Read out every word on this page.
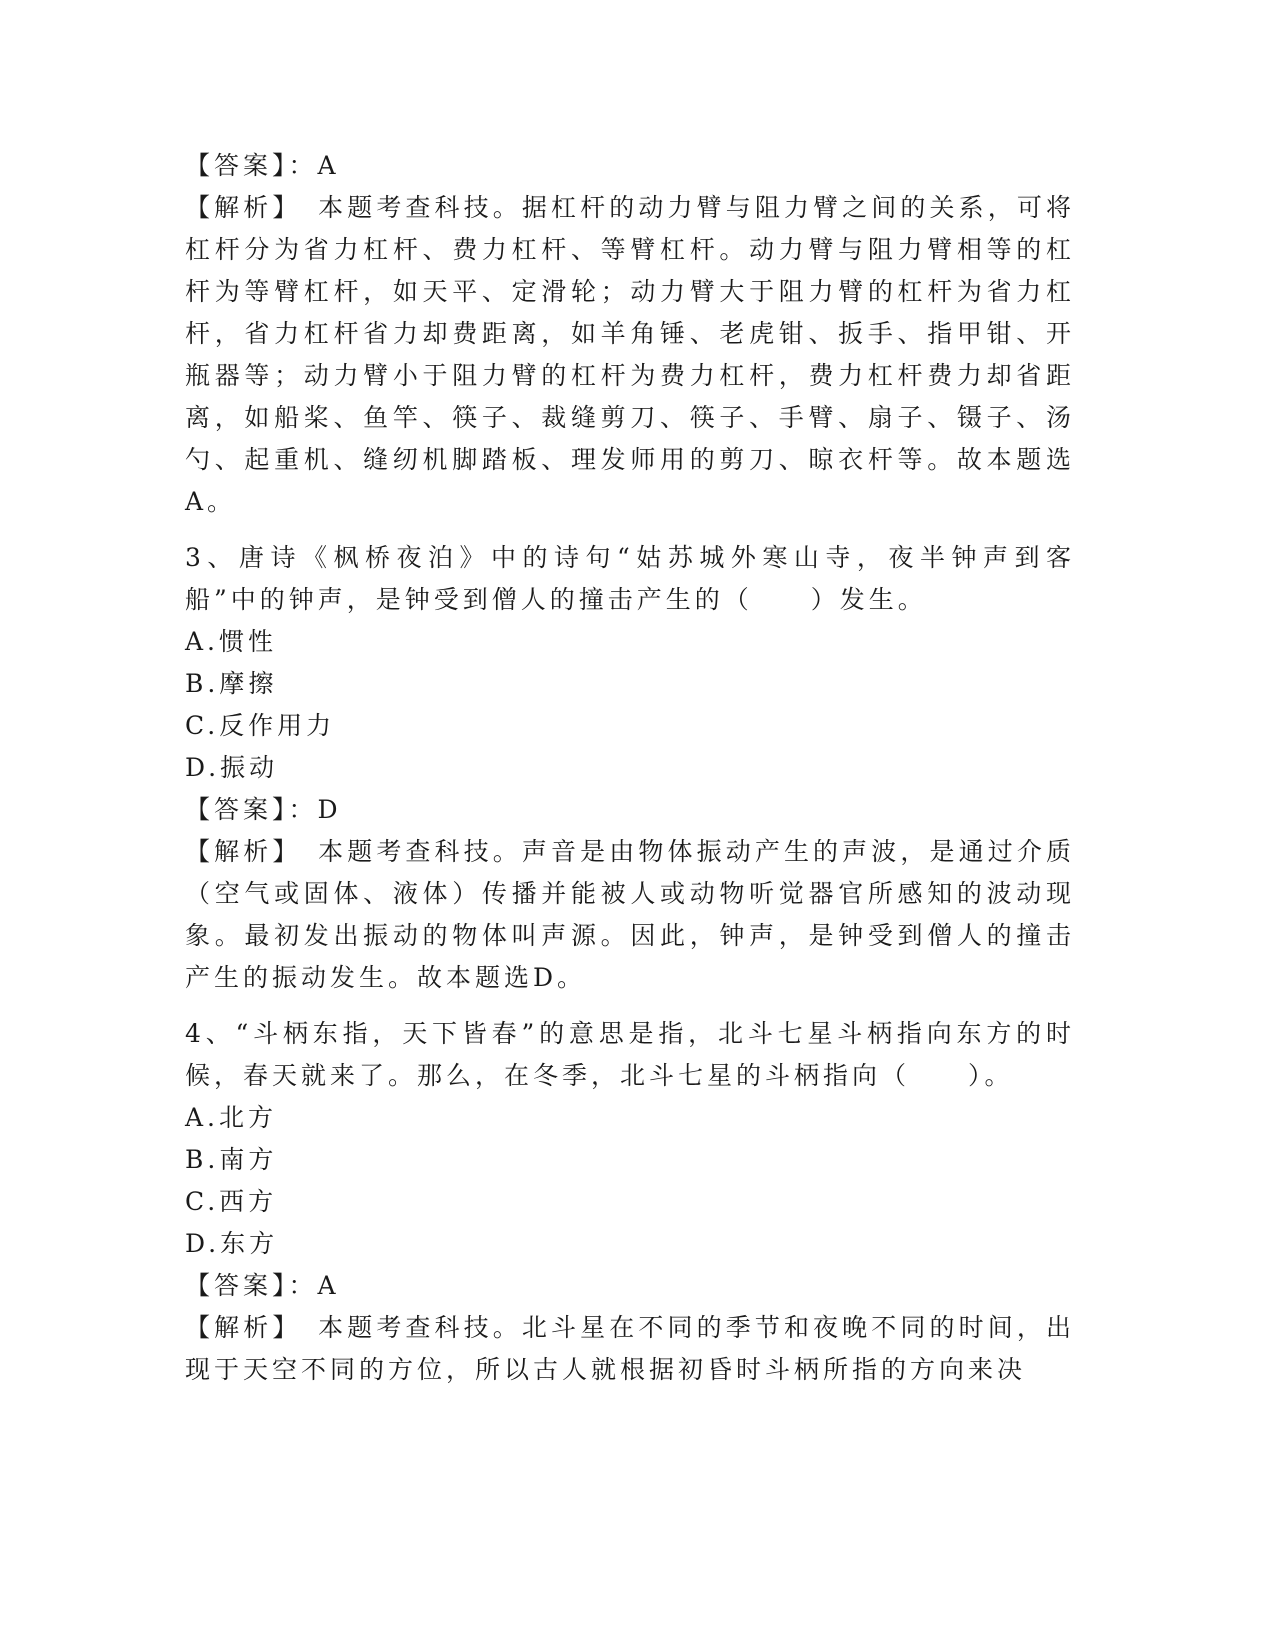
【答案】：A
【解析】　本题考查科技。据杠杆的动力臂与阻力臂之间的关系，可将杠杆分为省力杠杆、费力杠杆、等臂杠杆。动力臂与阻力臂相等的杠杆为等臂杠杆，如天平、定滑轮；动力臂大于阻力臂的杠杆为省力杠杆，省力杠杆省力却费距离，如羊角锤、老虎钳、扳手、指甲钳、开瓶器等；动力臂小于阻力臂的杠杆为费力杠杆，费力杠杆费力却省距离，如船桨、鱼竿、筷子、裁缝剪刀、筷子、手臂、扇子、镊子、汤勺、起重机、缝纫机脚踏板、理发师用的剪刀、晾衣杆等。故本题选A。
3、唐诗《枫桥夜泊》中的诗句“姑苏城外寒山寺，夜半钟声到客船”中的钟声，是钟受到僧人的撞击产生的（　　）发生。
A.惯性
B.摩擦
C.反作用力
D.振动
【答案】：D
【解析】　本题考查科技。声音是由物体振动产生的声波，是通过介质（空气或固体、液体）传播并能被人或动物听觉器官所感知的波动现象。最初发出振动的物体叫声源。因此，钟声，是钟受到僧人的撞击产生的振动发生。故本题选D。
4、“斗柄东指，天下皆春”的意思是指，北斗七星斗柄指向东方的时候，春天就来了。那么，在冬季，北斗七星的斗柄指向（　　）。
A.北方
B.南方
C.西方
D.东方
【答案】：A
【解析】　本题考查科技。北斗星在不同的季节和夜晚不同的时间，出现于天空不同的方位，所以古人就根据初昏时斗柄所指的方向来决
